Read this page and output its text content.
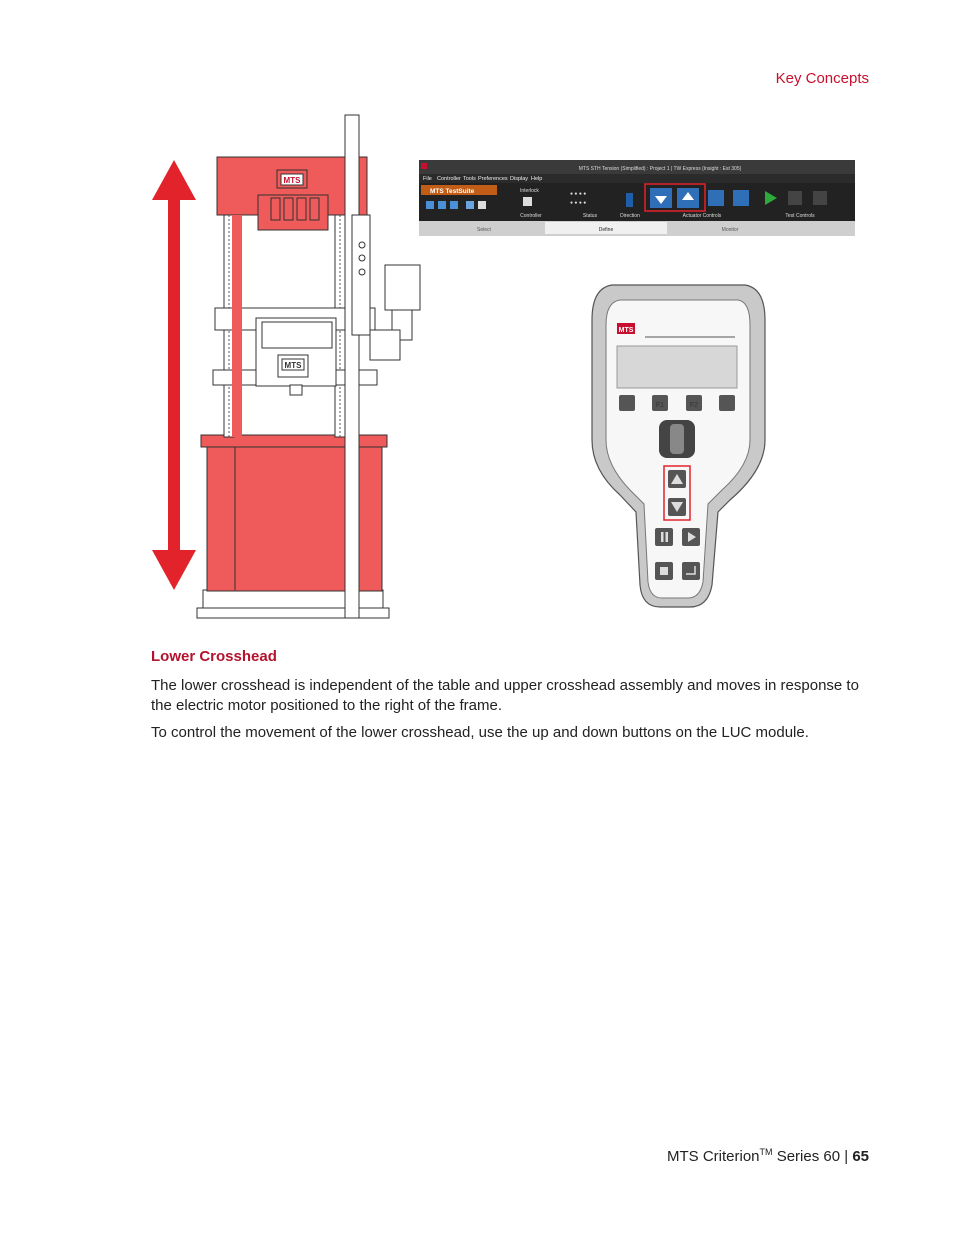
Key Concepts
MTS
MTS
MTS STH Tension (Simplified) : Project 1 | TW Express (Insight : Est 305)
File Controller Tools Preferences Display Help
MTS TestSuite	Interlock	● ● ● ●
● ● ● ●
Controller	Status	Direction	Actuator Controls	Test Controls
Select	Define	Monitor
MTS
F1	F2
Lower Crosshead

The lower crosshead is independent of the table and upper crosshead assembly and moves in response to the electric motor positioned to the right of the frame.

To control the movement of the lower crosshead, use the up and down buttons on the LUC module.

MTS Criterion™ Series 60 | 65
